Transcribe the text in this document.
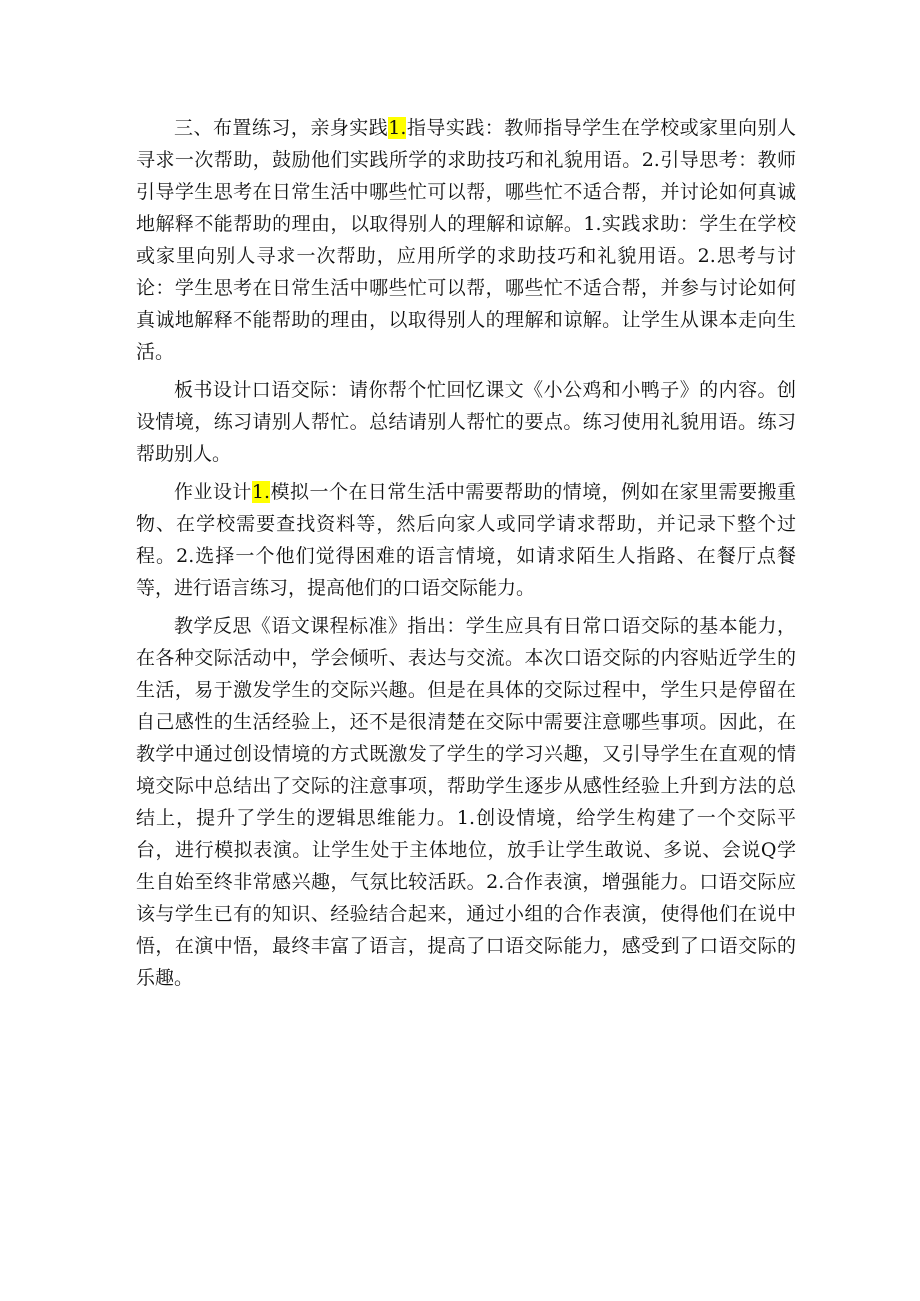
三、布置练习，亲身实践1.指导实践：教师指导学生在学校或家里向别人寻求一次帮助，鼓励他们实践所学的求助技巧和礼貌用语。2.引导思考：教师引导学生思考在日常生活中哪些忙可以帮，哪些忙不适合帮，并讨论如何真诚地解释不能帮助的理由，以取得别人的理解和谅解。1.实践求助：学生在学校或家里向别人寻求一次帮助，应用所学的求助技巧和礼貌用语。2.思考与讨论：学生思考在日常生活中哪些忙可以帮，哪些忙不适合帮，并参与讨论如何真诚地解释不能帮助的理由，以取得别人的理解和谅解。让学生从课本走向生活。

板书设计口语交际：请你帮个忙回忆课文《小公鸡和小鸭子》的内容。创设情境，练习请别人帮忙。总结请别人帮忙的要点。练习使用礼貌用语。练习帮助别人。

作业设计1.模拟一个在日常生活中需要帮助的情境，例如在家里需要搬重物、在学校需要查找资料等，然后向家人或同学请求帮助，并记录下整个过程。2.选择一个他们觉得困难的语言情境，如请求陌生人指路、在餐厅点餐等，进行语言练习，提高他们的口语交际能力。

教学反思《语文课程标准》指出：学生应具有日常口语交际的基本能力，在各种交际活动中，学会倾听、表达与交流。本次口语交际的内容贴近学生的生活，易于激发学生的交际兴趣。但是在具体的交际过程中，学生只是停留在自己感性的生活经验上，还不是很清楚在交际中需要注意哪些事项。因此，在教学中通过创设情境的方式既激发了学生的学习兴趣，又引导学生在直观的情境交际中总结出了交际的注意事项，帮助学生逐步从感性经验上升到方法的总结上，提升了学生的逻辑思维能力。1.创设情境，给学生构建了一个交际平台，进行模拟表演。让学生处于主体地位，放手让学生敢说、多说、会说Q学生自始至终非常感兴趣，气氛比较活跃。2.合作表演，增强能力。口语交际应该与学生已有的知识、经验结合起来，通过小组的合作表演，使得他们在说中悟，在演中悟，最终丰富了语言，提高了口语交际能力，感受到了口语交际的乐趣。
